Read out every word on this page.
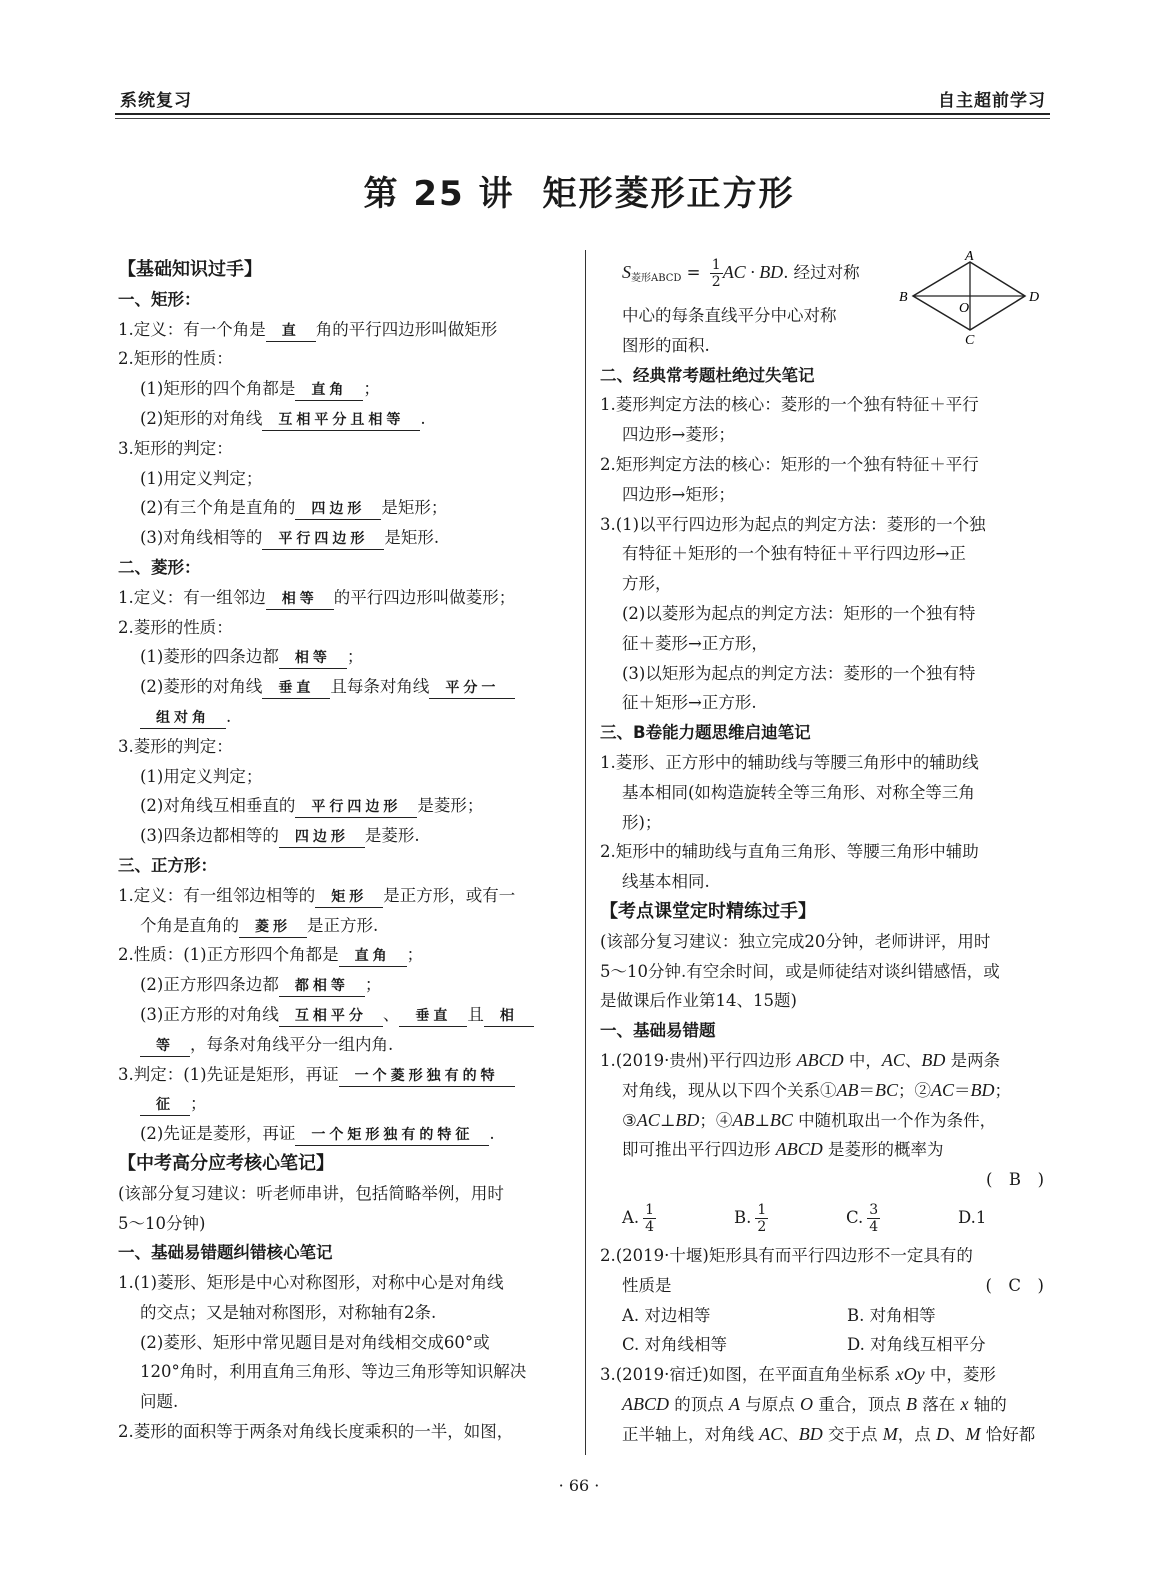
系统复习	自主超前学习
第 25 讲 矩形菱形正方形
【基础知识过手】
一、矩形：
1.定义：有一个角是 直 角的平行四边形叫做矩形
2.矩形的性质：
(1)矩形的四个角都是 直角 ；
(2)矩形的对角线 互相平分且相等 .
3.矩形的判定：
(1)用定义判定；
(2)有三个角是直角的 四边形 是矩形；
(3)对角线相等的 平行四边形 是矩形.
二、菱形：
1.定义：有一组邻边 相等 的平行四边形叫做菱形；
2.菱形的性质：
(1)菱形的四条边都 相等 ；
(2)菱形的对角线 垂直 且每条对角线 平分一
组对角 .
3.菱形的判定：
(1)用定义判定；
(2)对角线互相垂直的 平行四边形 是菱形；
(3)四条边都相等的 四边形 是菱形.
三、正方形：
1.定义：有一组邻边相等的 矩形 是正方形，或有一
个角是直角的 菱形 是正方形.
2.性质：(1)正方形四个角都是 直角 ；
(2)正方形四条边都 都相等 ；
(3)正方形的对角线 互相平分 、 垂直 且 相
等 ，每条对角线平分一组内角.
3.判定：(1)先证是矩形，再证 一个菱形独有的特
征 ；
(2)先证是菱形，再证 一个矩形独有的特征 .
【中考高分应考核心笔记】
(该部分复习建议：听老师串讲，包括简略举例，用时
5～10分钟)
一、基础易错题纠错核心笔记
1.(1)菱形、矩形是中心对称图形，对称中心是对角线
的交点；又是轴对称图形，对称轴有2条.
(2)菱形、矩形中常见题目是对角线相交成60°或
120°角时，利用直角三角形、等边三角形等知识解决
问题.
2.菱形的面积等于两条对角线长度乘积的一半，如图，
$S_{菱形ABCD} = \frac{1}{2}$ AC · BD. 经过对称
中心的每条直线平分中心对称
图形的面积.
二、经典常考题杜绝过失笔记
1.菱形判定方法的核心：菱形的一个独有特征＋平行
四边形→菱形；
2.矩形判定方法的核心：矩形的一个独有特征＋平行
四边形→矩形；
3.(1)以平行四边形为起点的判定方法：菱形的一个独
有特征＋矩形的一个独有特征＋平行四边形→正
方形，
(2)以菱形为起点的判定方法：矩形的一个独有特
征＋菱形→正方形，
(3)以矩形为起点的判定方法：菱形的一个独有特
征＋矩形→正方形.
三、B卷能力题思维启迪笔记
1.菱形、正方形中的辅助线与等腰三角形中的辅助线
基本相同(如构造旋转全等三角形、对称全等三角
形)；
2.矩形中的辅助线与直角三角形、等腰三角形中辅助
线基本相同.
【考点课堂定时精练过手】
(该部分复习建议：独立完成20分钟，老师讲评，用时
5～10分钟.有空余时间，或是师徒结对谈纠错感悟，或
是做课后作业第14、15题)
一、基础易错题
1.(2019·贵州)平行四边形 ABCD 中，AC、BD 是两条
对角线，现从以下四个关系①AB＝BC；②AC＝BD；
③AC⊥BD；④AB⊥BC 中随机取出一个作为条件，
即可推出平行四边形 ABCD 是菱形的概率为
(　B　)
A. $\frac{1}{4}$	B. $\frac{1}{2}$	C. $\frac{3}{4}$	D.1
2.(2019·十堰)矩形具有而平行四边形不一定具有的
性质是	(　C　)
A. 对边相等	B. 对角相等
C. 对角线相等	D. 对角线互相平分
3.(2019·宿迁)如图，在平面直角坐标系 xOy 中，菱形
ABCD 的顶点 A 与原点 O 重合，顶点 B 落在 x 轴的
正半轴上，对角线 AC、BD 交于点 M，点 D、M 恰好都
A
B	D
C
O
· 66 ·
